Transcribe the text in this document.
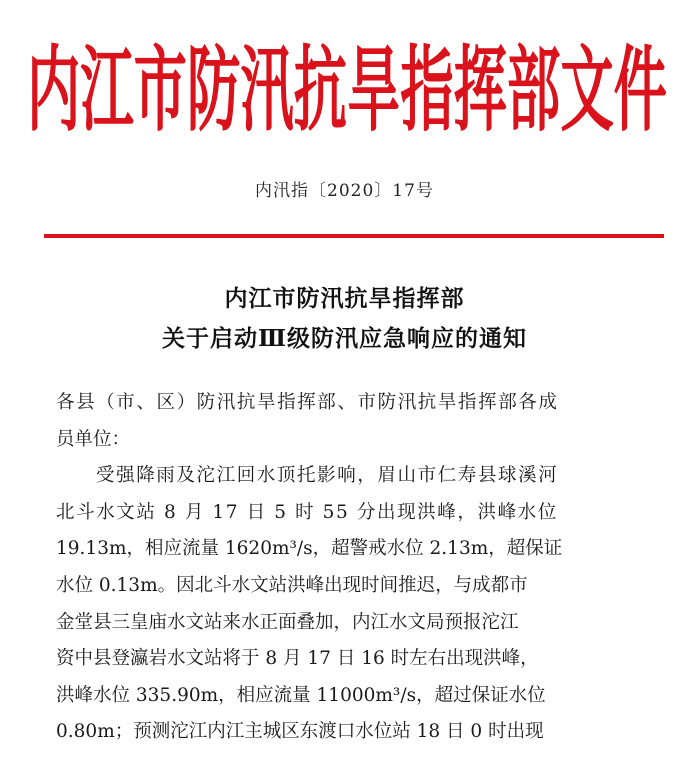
内江市防汛抗旱指挥部文件
内汛指〔2020〕17号
内江市防汛抗旱指挥部
关于启动Ⅲ级防汛应急响应的通知
各县（市、区）防汛抗旱指挥部、市防汛抗旱指挥部各成
员单位：
受强降雨及沱江回水顶托影响，眉山市仁寿县球溪河
北斗水文站 8 月 17 日 5 时 55 分出现洪峰，洪峰水位
19.13m，相应流量 1620m³/s，超警戒水位 2.13m，超保证
水位 0.13m。因北斗水文站洪峰出现时间推迟，与成都市
金堂县三皇庙水文站来水正面叠加，内江水文局预报沱江
资中县登瀛岩水文站将于 8 月 17 日 16 时左右出现洪峰，
洪峰水位 335.90m，相应流量 11000m³/s，超过保证水位
0.80m；预测沱江内江主城区东渡口水位站 18 日 0 时出现
